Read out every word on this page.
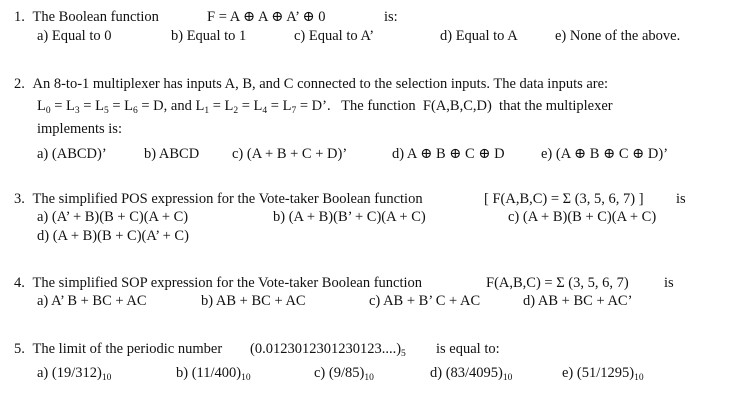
1. The Boolean function	F = A ⊕ A ⊕ A’ ⊕ 0	is:
a) Equal to 0	b) Equal to 1	c) Equal to A’	d) Equal to A	e) None of the above.
2. An 8-to-1 multiplexer has inputs A, B, and C connected to the selection inputs. The data inputs are:
$L_0 = L_3 = L_5 = L_6 = D$, and $L_1 = L_2 = L_4 = L_7 = D$’.   The function  F(A,B,C,D)  that the multiplexer
implements is:
a) (ABCD)’	b) ABCD c) (A + B + C + D)’	d) A ⊕ B ⊕ C ⊕ D	e) (A ⊕ B ⊕ C ⊕ D)’
3. The simplified POS expression for the Vote-taker Boolean function	[ F(A,B,C) = Σ (3, 5, 6, 7) ] is
a) (A’ + B)(B + C)(A + C)	b) (A + B)(B’ + C)(A + C)	c) (A + B)(B + C)(A + C)
d) (A + B)(B + C)(A’ + C)
4. The simplified SOP expression for the Vote-taker Boolean function	F(A,B,C) = Σ (3, 5, 6, 7) is
a) A’ B + BC + AC	b) AB + BC + AC	c) AB + B’ C + AC	d) AB + BC + AC’
5. The limit of the periodic number $(0.0123012301230123....)_5$ is equal to:
a) $(19/312)_{10}$	b) $(11/400)_{10}$	c) $(9/85)_{10}$	d) $(83/4095)_{10}$	e) $(51/1295)_{10}$
